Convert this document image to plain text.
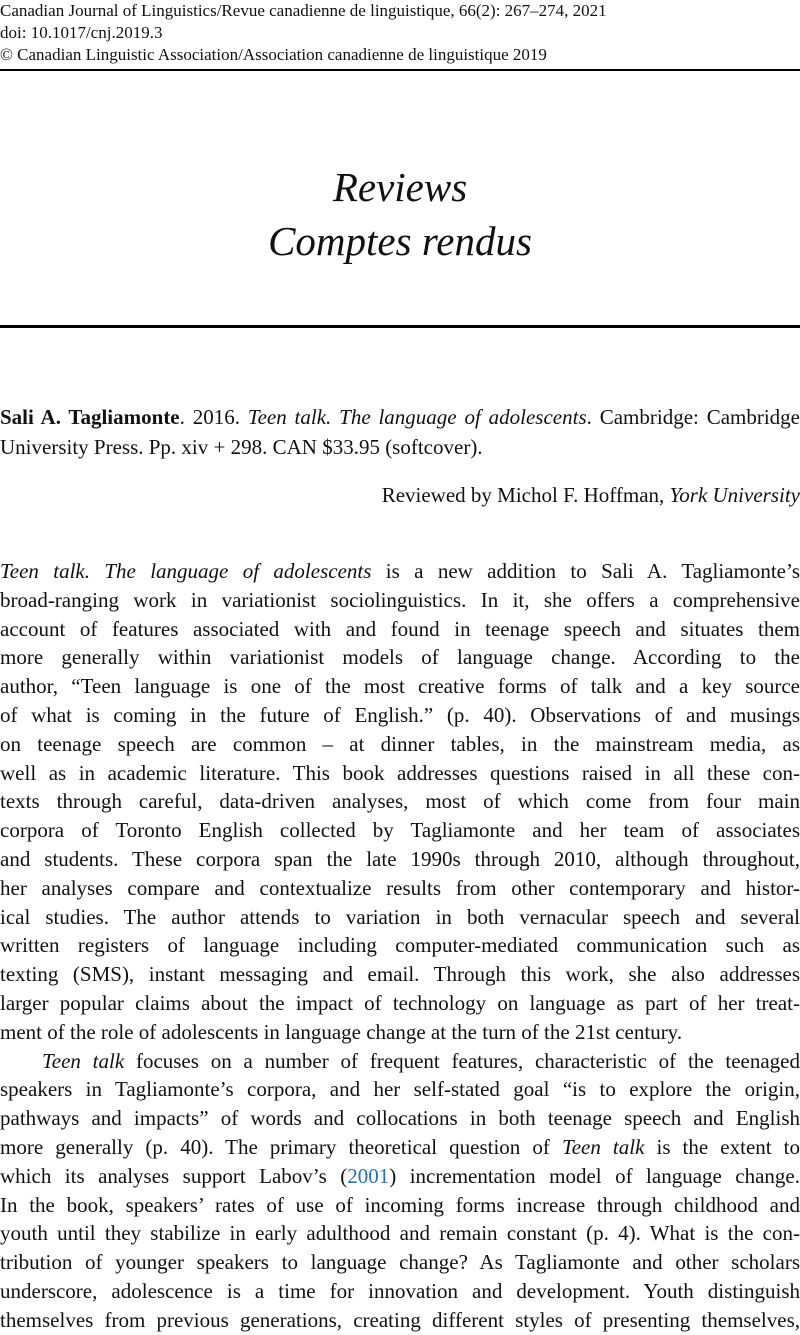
Canadian Journal of Linguistics/Revue canadienne de linguistique, 66(2): 267–274, 2021
doi: 10.1017/cnj.2019.3
© Canadian Linguistic Association/Association canadienne de linguistique 2019
Reviews
Comptes rendus
Sali A. Tagliamonte. 2016. Teen talk. The language of adolescents. Cambridge: Cambridge University Press. Pp. xiv + 298. CAN $33.95 (softcover).
Reviewed by Michol F. Hoffman, York University
Teen talk. The language of adolescents is a new addition to Sali A. Tagliamonte’s
broad-ranging work in variationist sociolinguistics. In it, she offers a comprehensive
account of features associated with and found in teenage speech and situates them
more generally within variationist models of language change. According to the
author, “Teen language is one of the most creative forms of talk and a key source
of what is coming in the future of English.” (p. 40). Observations of and musings
on teenage speech are common – at dinner tables, in the mainstream media, as
well as in academic literature. This book addresses questions raised in all these con-
texts through careful, data-driven analyses, most of which come from four main
corpora of Toronto English collected by Tagliamonte and her team of associates
and students. These corpora span the late 1990s through 2010, although throughout,
her analyses compare and contextualize results from other contemporary and histor-
ical studies. The author attends to variation in both vernacular speech and several
written registers of language including computer-mediated communication such as
texting (SMS), instant messaging and email. Through this work, she also addresses
larger popular claims about the impact of technology on language as part of her treat-
ment of the role of adolescents in language change at the turn of the 21st century.
Teen talk focuses on a number of frequent features, characteristic of the teenaged
speakers in Tagliamonte’s corpora, and her self-stated goal “is to explore the origin,
pathways and impacts” of words and collocations in both teenage speech and English
more generally (p. 40). The primary theoretical question of Teen talk is the extent to
which its analyses support Labov’s (2001) incrementation model of language change.
In the book, speakers’ rates of use of incoming forms increase through childhood and
youth until they stabilize in early adulthood and remain constant (p. 4). What is the con-
tribution of younger speakers to language change? As Tagliamonte and other scholars
underscore, adolescence is a time for innovation and development. Youth distinguish
themselves from previous generations, creating different styles of presenting themselves,
